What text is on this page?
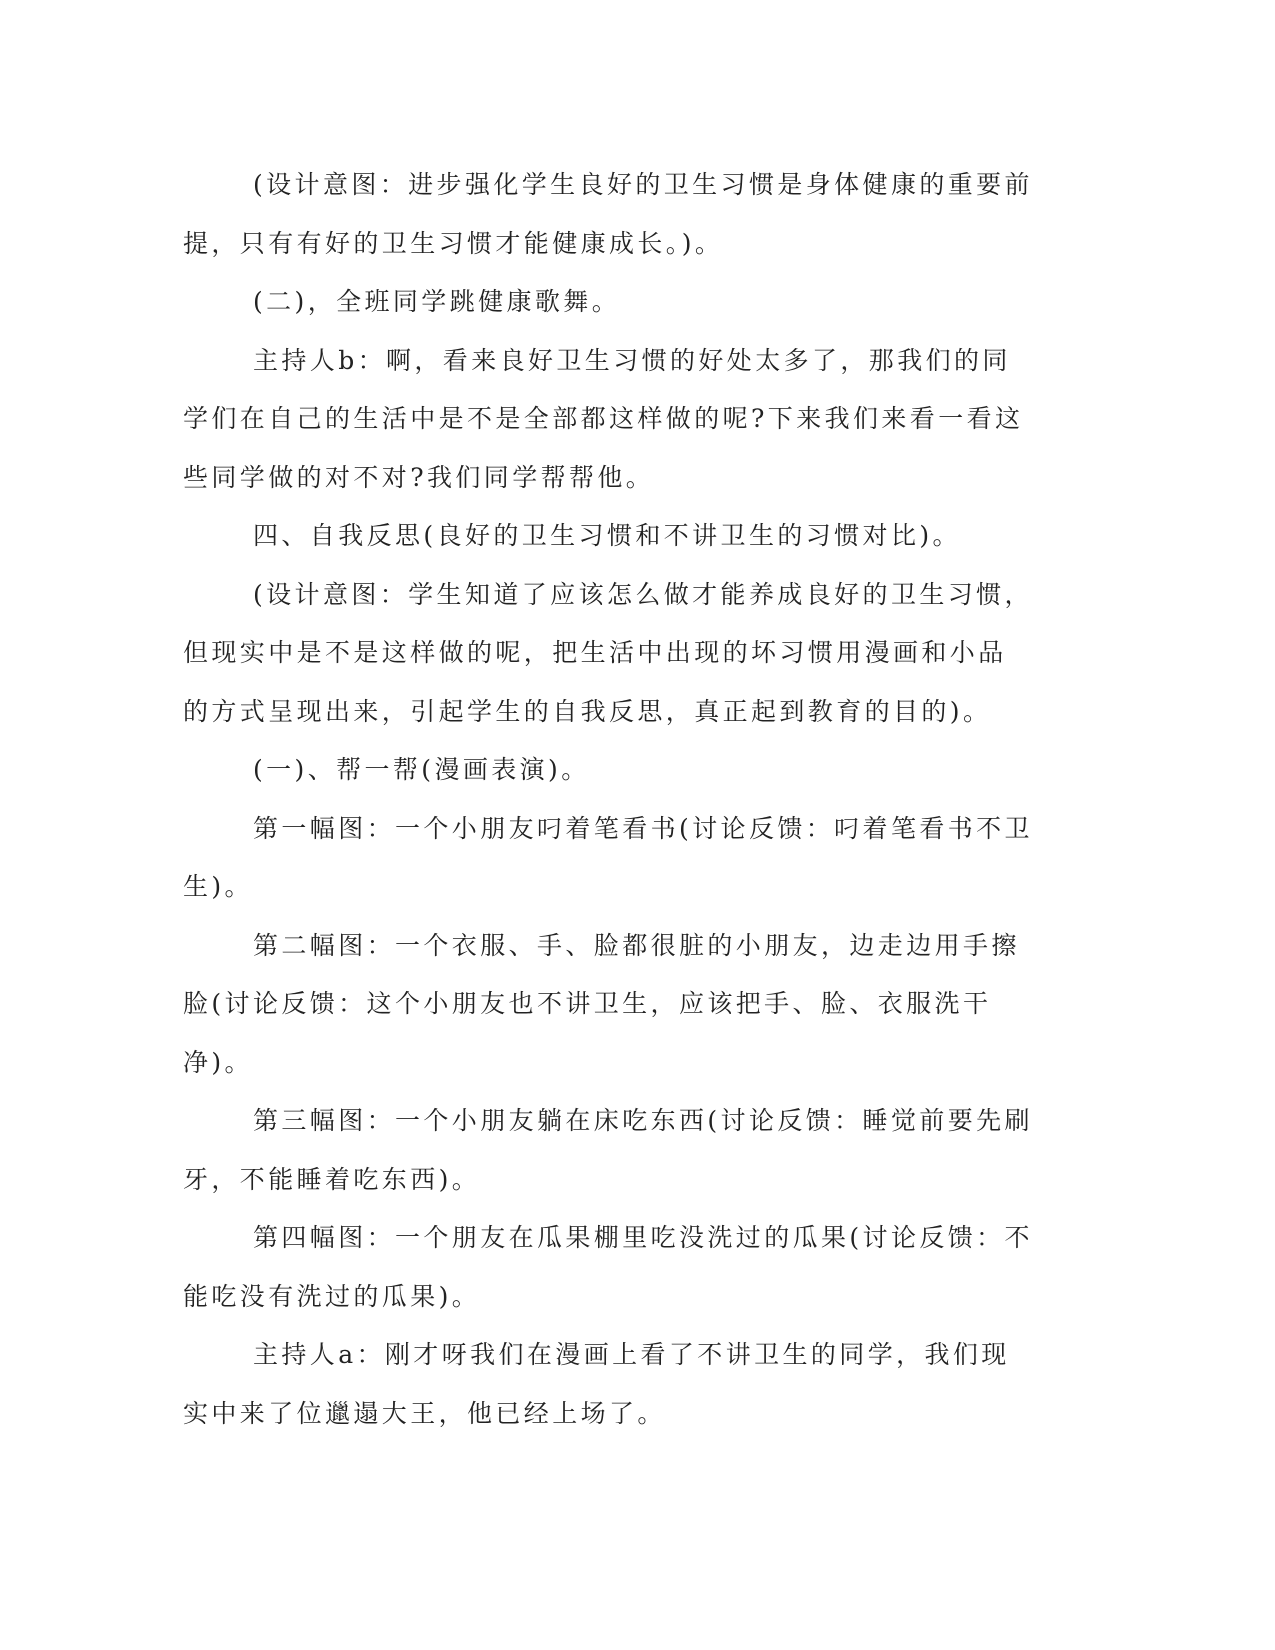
(设计意图：进步强化学生良好的卫生习惯是身体健康的重要前提，只有有好的卫生习惯才能健康成长。)。

(二)，全班同学跳健康歌舞。

主持人b：啊，看来良好卫生习惯的好处太多了，那我们的同学们在自己的生活中是不是全部都这样做的呢?下来我们来看一看这些同学做的对不对?我们同学帮帮他。

四、自我反思(良好的卫生习惯和不讲卫生的习惯对比)。

(设计意图：学生知道了应该怎么做才能养成良好的卫生习惯，但现实中是不是这样做的呢，把生活中出现的坏习惯用漫画和小品的方式呈现出来，引起学生的自我反思，真正起到教育的目的)。

(一)、帮一帮(漫画表演)。

第一幅图：一个小朋友叼着笔看书(讨论反馈：叼着笔看书不卫生)。

第二幅图：一个衣服、手、脸都很脏的小朋友，边走边用手擦脸(讨论反馈：这个小朋友也不讲卫生，应该把手、脸、衣服洗干净)。

第三幅图：一个小朋友躺在床吃东西(讨论反馈：睡觉前要先刷牙，不能睡着吃东西)。

第四幅图：一个朋友在瓜果棚里吃没洗过的瓜果(讨论反馈：不能吃没有洗过的瓜果)。

主持人a：刚才呀我们在漫画上看了不讲卫生的同学，我们现实中来了位邋遢大王，他已经上场了。
